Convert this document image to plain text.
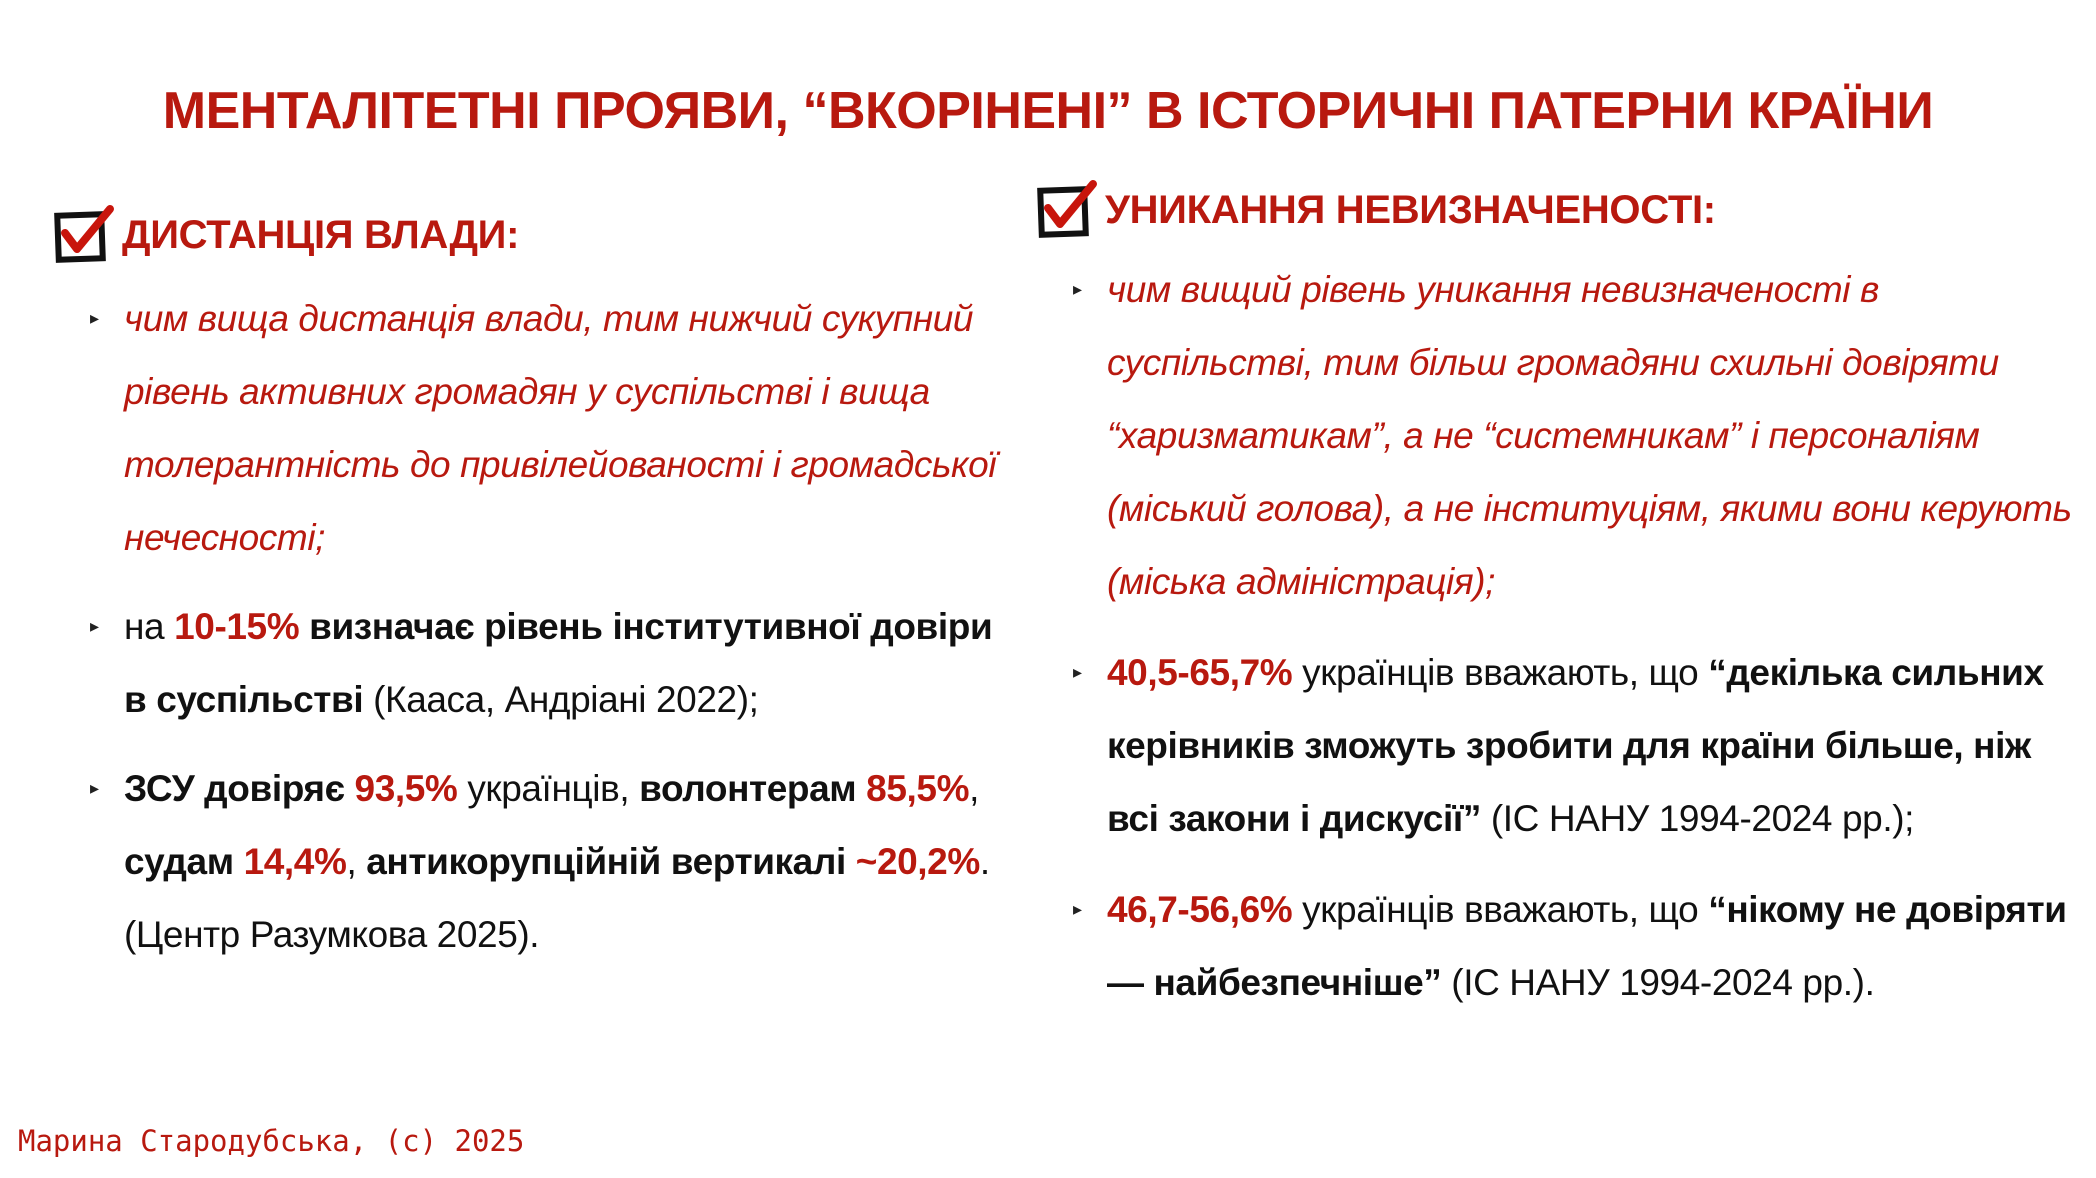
МЕНТАЛІТЕТНІ ПРОЯВИ, “ВКОРІНЕНІ” В ІСТОРИЧНІ ПАТЕРНИ КРАЇНИ
ДИСТАНЦІЯ ВЛАДИ:
▸ чим вища дистанція влади, тим нижчий сукупний рівень активних громадян у суспільстві і вища толерантність до привілейованості і громадської нечесності;
▸ на 10-15% визначає рівень інститутивної довіри в суспільстві (Кааса, Андріані 2022);
▸ ЗСУ довіряє 93,5% українців, волонтерам 85,5%, судам 14,4%, антикорупційній вертикалі ~20,2%. (Центр Разумкова 2025).
УНИКАННЯ НЕВИЗНАЧЕНОСТІ:
▸ чим вищий рівень уникання невизначеності в суспільстві, тим більш громадяни схильні довіряти “харизматикам”, а не “системникам” і персоналіям (міський голова), а не інституціям, якими вони керують (міська адміністрація);
▸ 40,5-65,7% українців вважають, що “декілька сильних керівників зможуть зробити для країни більше, ніж всі закони і дискусії” (ІС НАНУ 1994-2024 рр.);
▸ 46,7-56,6% українців вважають, що “нікому не довіряти — найбезпечніше” (ІС НАНУ 1994-2024 рр.).
Марина Стародубська, (с) 2025
